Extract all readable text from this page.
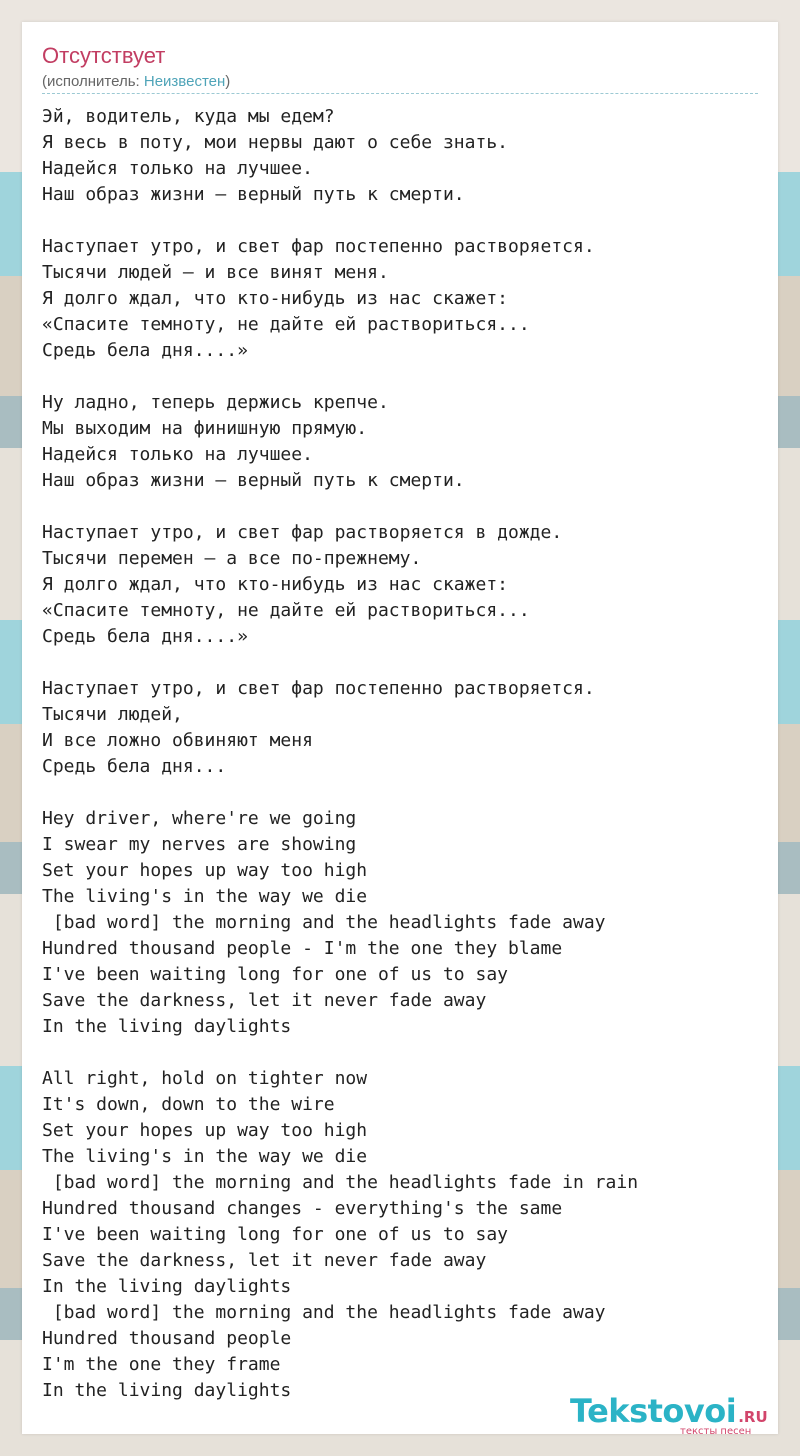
Отсутствует
(исполнитель: Неизвестен)
Эй, водитель, куда мы едем?
Я весь в поту, мои нервы дают о себе знать.
Надейся только на лучшее.
Наш образ жизни — верный путь к смерти.

Наступает утро, и свет фар постепенно растворяется.
Тысячи людей — и все винят меня.
Я долго ждал, что кто-нибудь из нас скажет:
«Спасите темноту, не дайте ей раствориться...
Средь бела дня....»

Ну ладно, теперь держись крепче.
Мы выходим на финишную прямую.
Надейся только на лучшее.
Наш образ жизни — верный путь к смерти.

Наступает утро, и свет фар растворяется в дожде.
Тысячи перемен — а все по-прежнему.
Я долго ждал, что кто-нибудь из нас скажет:
«Спасите темноту, не дайте ей раствориться...
Средь бела дня....»

Наступает утро, и свет фар постепенно растворяется.
Тысячи людей,
И все ложно обвиняют меня
Средь бела дня...

Hey driver, where're we going
I swear my nerves are showing
Set your hopes up way too high
The living's in the way we die
[bad word] the morning and the headlights fade away
Hundred thousand people - I'm the one they blame
I've been waiting long for one of us to say
Save the darkness, let it never fade away
In the living daylights

All right, hold on tighter now
It's down, down to the wire
Set your hopes up way too high
The living's in the way we die
[bad word] the morning and the headlights fade in rain
Hundred thousand changes - everything's the same
I've been waiting long for one of us to say
Save the darkness, let it never fade away
In the living daylights
[bad word] the morning and the headlights fade away
Hundred thousand people
I'm the one they frame
In the living daylights
Tekstovoi .RU
тексты песен
